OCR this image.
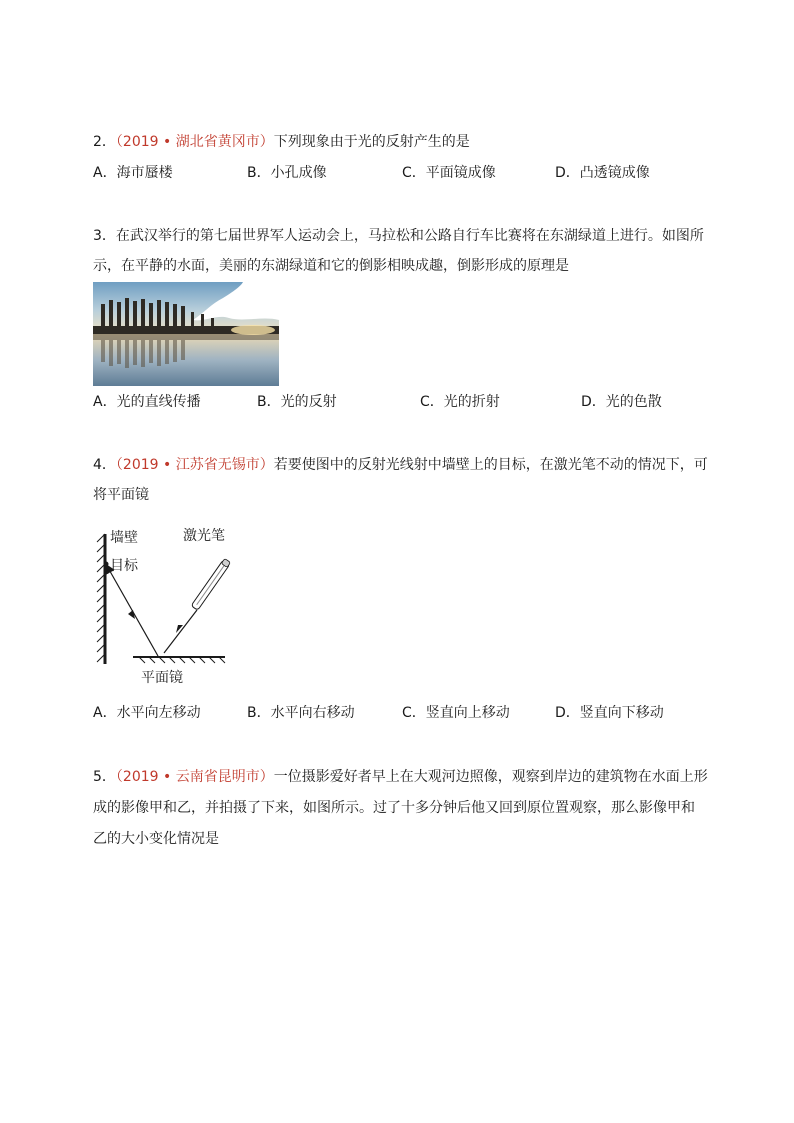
2．（2019 • 湖北省黄冈市）下列现象由于光的反射产生的是
A．海市蜃楼	B．小孔成像	C．平面镜成像	D．凸透镜成像
3．在武汉举行的第七届世界军人运动会上，马拉松和公路自行车比赛将在东湖绿道上进行。如图所
示，在平静的水面，美丽的东湖绿道和它的倒影相映成趣，倒影形成的原理是
A．光的直线传播	B．光的反射	C．光的折射	D．光的色散
4．（2019 • 江苏省无锡市）若要使图中的反射光线射中墙壁上的目标，在激光笔不动的情况下，可
将平面镜
墙壁
目标
激光笔
平面镜
A．水平向左移动	B．水平向右移动	C．竖直向上移动	D．竖直向下移动
5．（2019 • 云南省昆明市）一位摄影爱好者早上在大观河边照像，观察到岸边的建筑物在水面上形
成的影像甲和乙，并拍摄了下来，如图所示。过了十多分钟后他又回到原位置观察，那么影像甲和
乙的大小变化情况是
